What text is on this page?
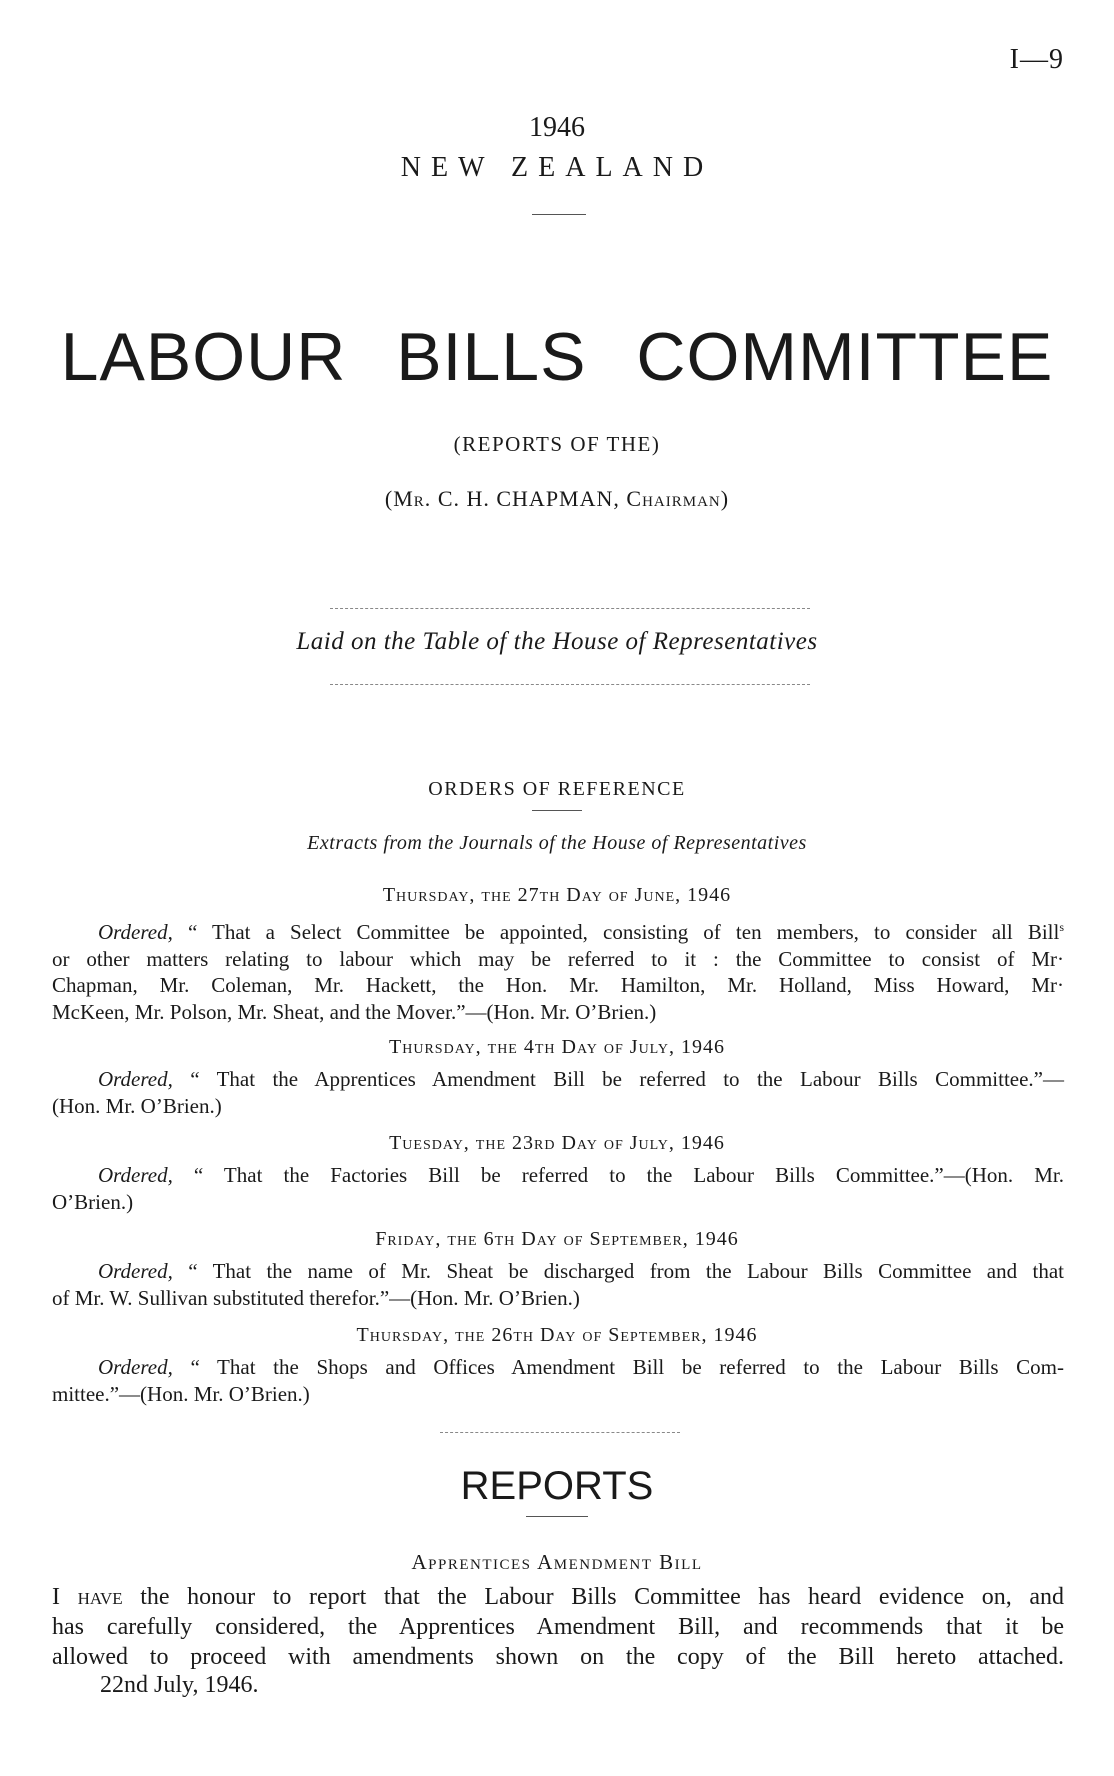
I—9
1946
NEW ZEALAND
LABOUR BILLS COMMITTEE
(REPORTS OF THE)
(Mr. C. H. CHAPMAN, Chairman)
Laid on the Table of the House of Representatives
ORDERS OF REFERENCE
Extracts from the Journals of the House of Representatives
Thursday, the 27th Day of June, 1946
Ordered, “ That a Select Committee be appointed, consisting of ten members, to consider all Bill$^s$
or other matters relating to labour which may be referred to it : the Committee to consist of Mr·
Chapman, Mr. Coleman, Mr. Hackett, the Hon. Mr. Hamilton, Mr. Holland, Miss Howard, Mr·
McKeen, Mr. Polson, Mr. Sheat, and the Mover.”—(Hon. Mr. O’Brien.)
Thursday, the 4th Day of July, 1946
Ordered, “ That the Apprentices Amendment Bill be referred to the Labour Bills Committee.”—
(Hon. Mr. O’Brien.)
Tuesday, the 23rd Day of July, 1946
Ordered, “ That the Factories Bill be referred to the Labour Bills Committee.”—(Hon. Mr.
O’Brien.)
Friday, the 6th Day of September, 1946
Ordered, “ That the name of Mr. Sheat be discharged from the Labour Bills Committee and that
of Mr. W. Sullivan substituted therefor.”—(Hon. Mr. O’Brien.)
Thursday, the 26th Day of September, 1946
Ordered, “ That the Shops and Offices Amendment Bill be referred to the Labour Bills Com-
mittee.”—(Hon. Mr. O’Brien.)
REPORTS
Apprentices Amendment Bill
I have the honour to report that the Labour Bills Committee has heard evidence on, and
has carefully considered, the Apprentices Amendment Bill, and recommends that it be
allowed to proceed with amendments shown on the copy of the Bill hereto attached.
22nd July, 1946.
